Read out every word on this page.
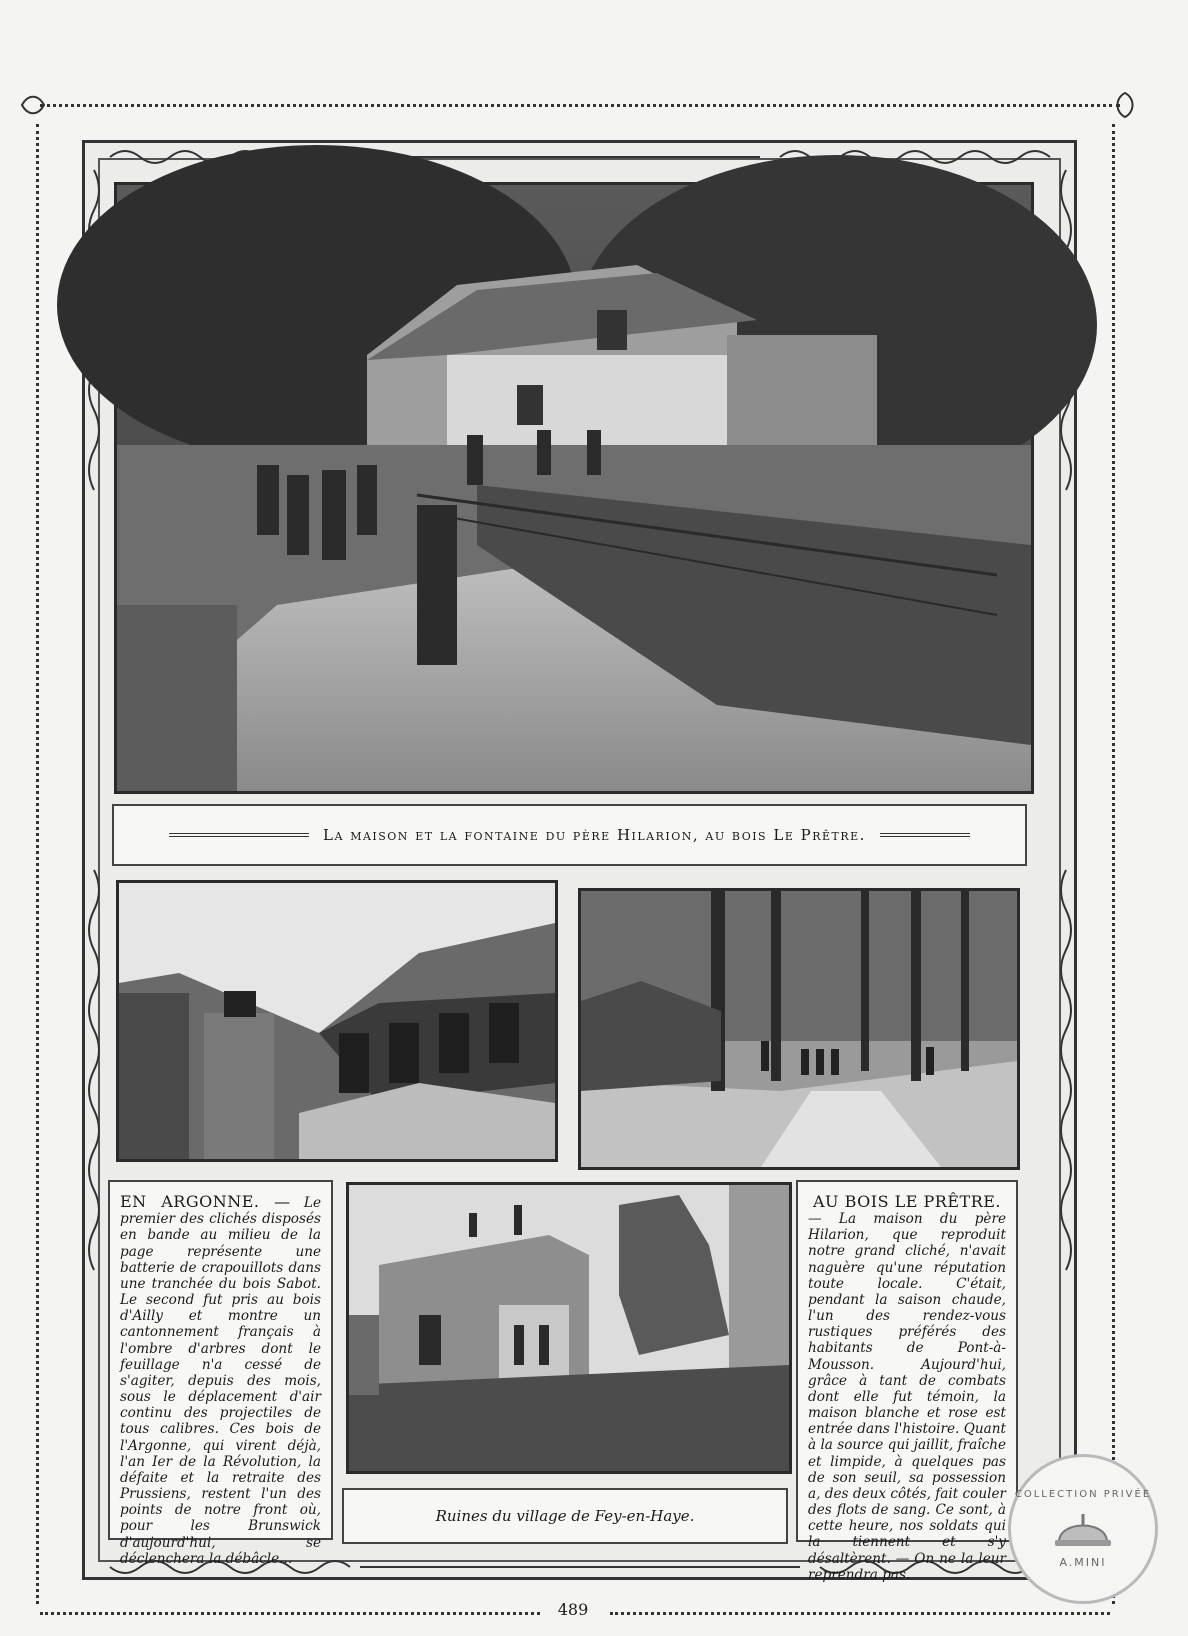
489
La maison et la fontaine du père Hilarion, au bois Le Prêtre.
EN ARGONNE. — Le premier des clichés disposés en bande au milieu de la page représente une batterie de crapouillots dans une tranchée du bois Sabot. Le second fut pris au bois d'Ailly et montre un cantonnement français à l'ombre d'arbres dont le feuillage n'a cessé de s'agiter, depuis des mois, sous le déplacement d'air continu des projectiles de tous calibres. Ces bois de l'Argonne, qui virent déjà, l'an Ier de la Révolution, la défaite et la retraite des Prussiens, restent l'un des points de notre front où, pour les Brunswick d'aujourd'hui, se déclenchera la débâcle...
Ruines du village de Fey-en-Haye.
AU BOIS LE PRÊTRE.
— La maison du père Hilarion, que reproduit notre grand cliché, n'avait naguère qu'une réputation toute locale. C'était, pendant la saison chaude, l'un des rendez-vous rustiques préférés des habitants de Pont-à-Mousson. Aujourd'hui, grâce à tant de combats dont elle fut témoin, la maison blanche et rose est entrée dans l'histoire. Quant à la source qui jaillit, fraîche et limpide, à quelques pas de son seuil, sa possession a, des deux côtés, fait couler des flots de sang. Ce sont, à cette heure, nos soldats qui la tiennent et s'y désaltèrent. — On ne la leur reprendra pas.
COLLECTION PRIVÉE
A.MINI
